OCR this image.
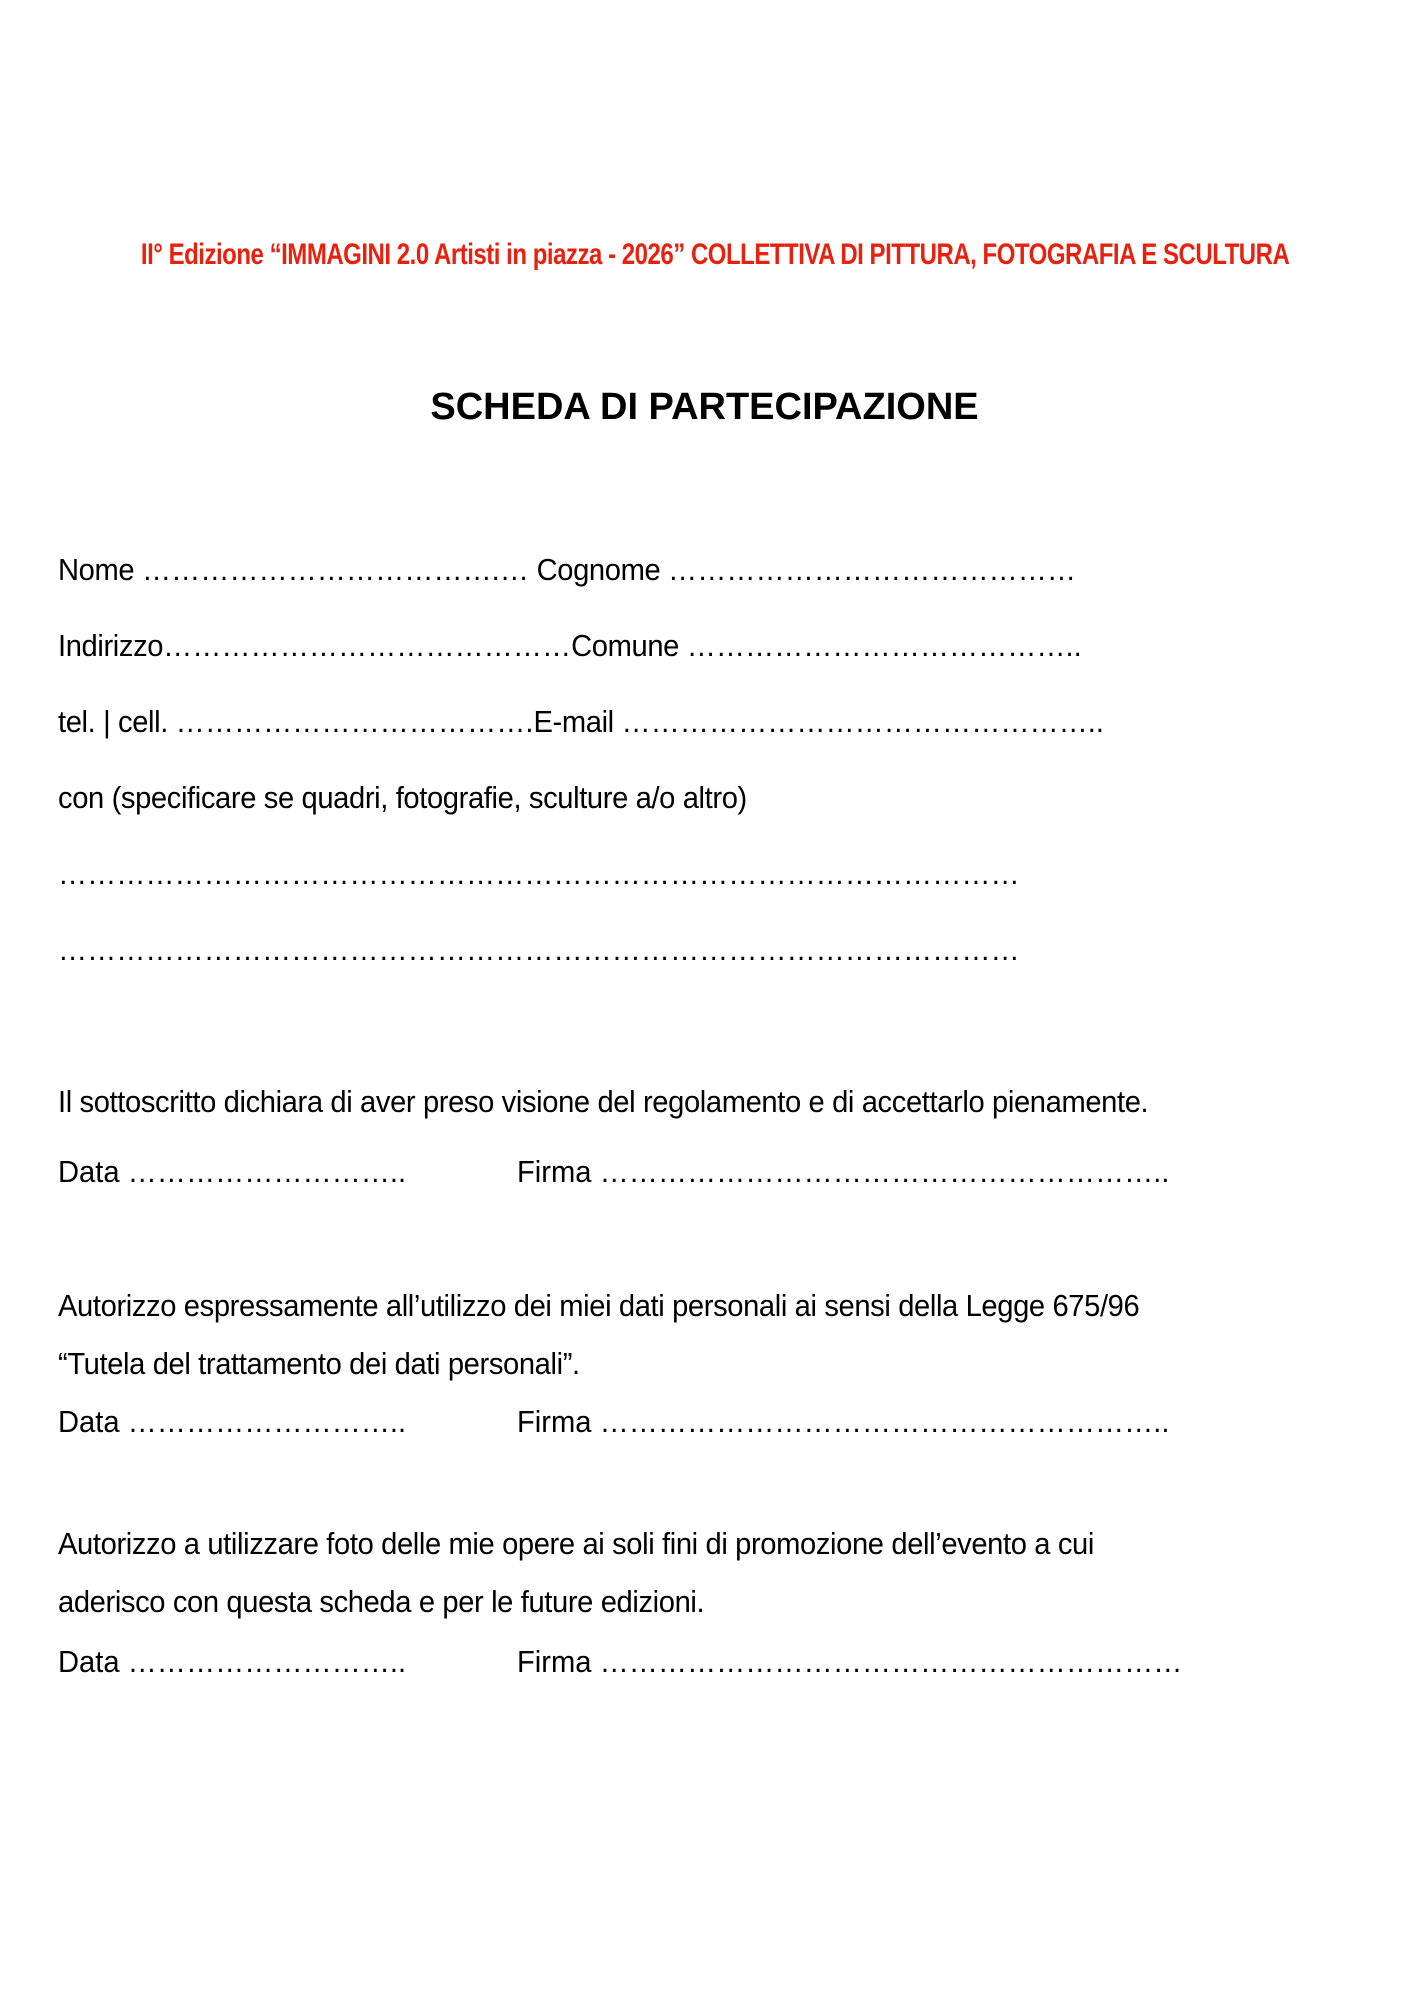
II° Edizione “IMMAGINI 2.0 Artisti in piazza - 2026” COLLETTIVA DI PITTURA, FOTOGRAFIA E SCULTURA
SCHEDA DI PARTECIPAZIONE
Nome ……………………………….… Cognome ……………………………………
Indirizzo……………………………………Comune …………………………………..
tel. | cell. ……………………………….E-mail …………………………………………..
con (specificare se quadri, fotografie, sculture a/o altro)
………………………………………………………………………………………
………………………………………………………………………………………
Il sottoscritto dichiara di aver preso visione del regolamento e di accettarlo pienamente.
Data ………………………..	Firma …………………………………………………..
Autorizzo espressamente all’utilizzo dei miei dati personali ai sensi della Legge 675/96
“Tutela del trattamento dei dati personali”.
Data ………………………..	Firma …………………………………………………..
Autorizzo a utilizzare foto delle mie opere ai soli fini di promozione dell’evento a cui
aderisco con questa scheda e per le future edizioni.
Data ………………………..	Firma ……………………………………………………
